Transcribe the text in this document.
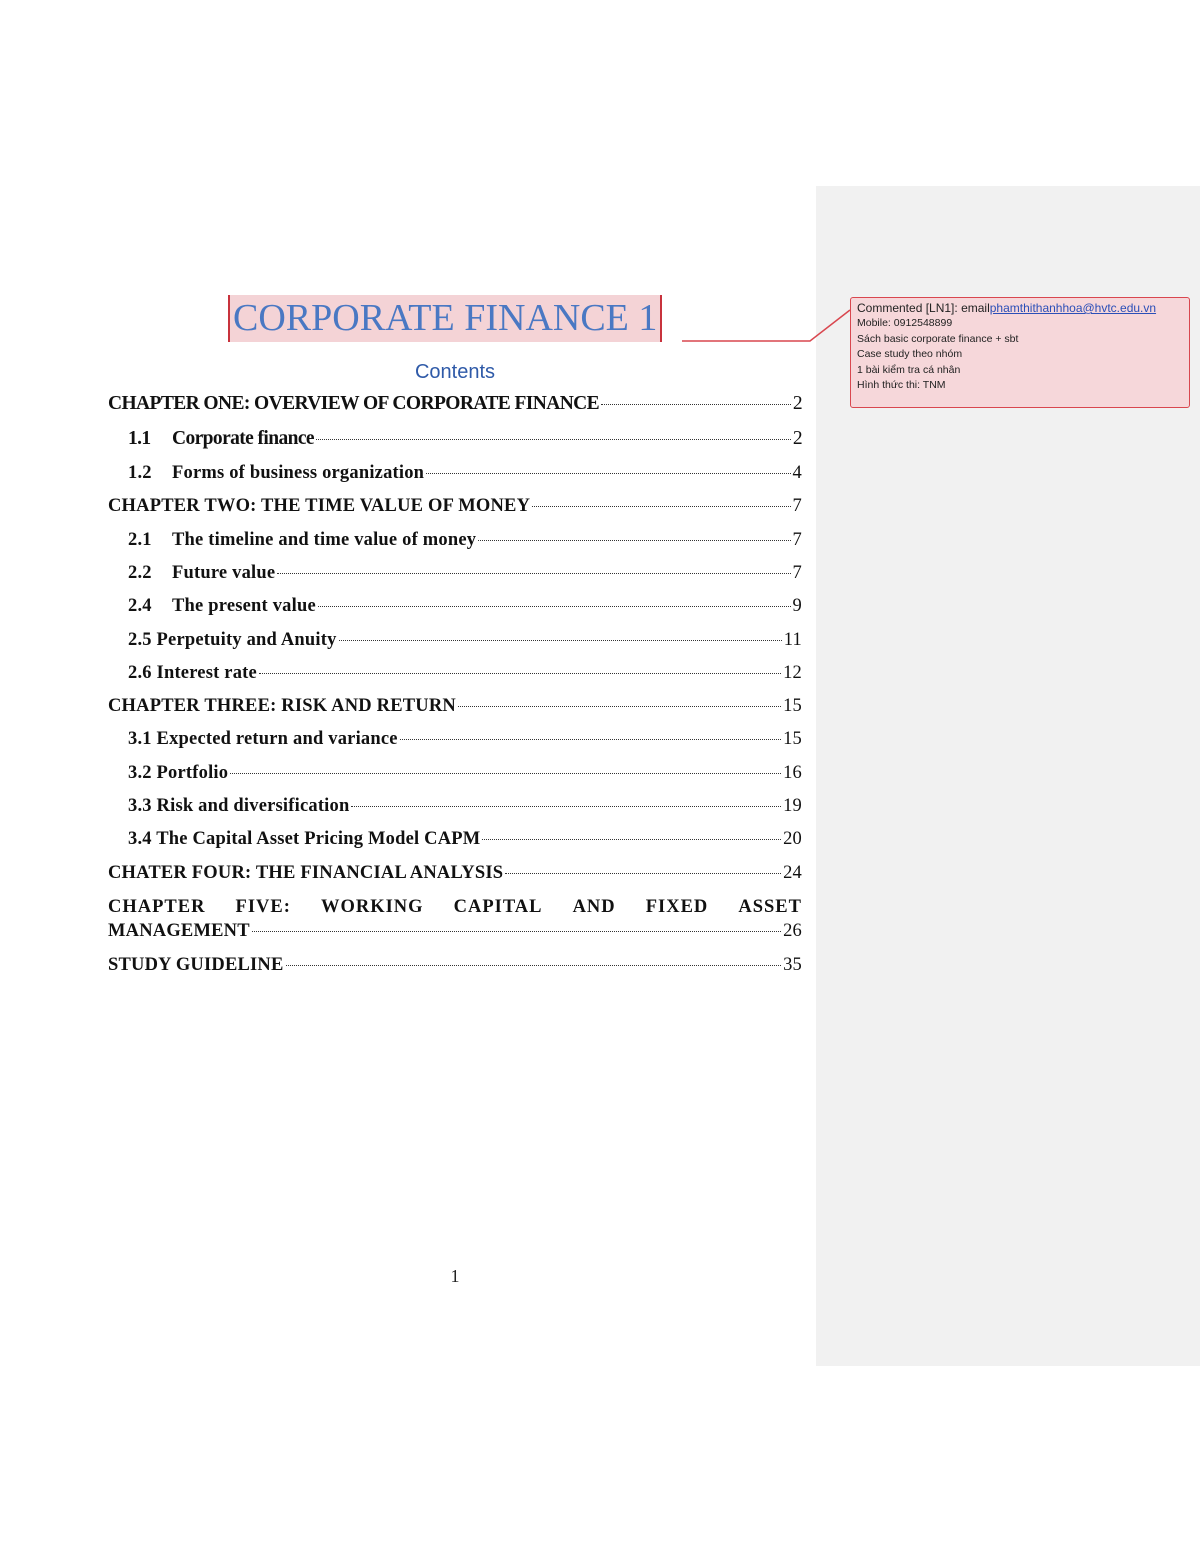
CORPORATE FINANCE 1	Commented [LN1]: emailphamthithanhhoa@hvtc.edu.vn
Mobile: 0912548899
Sách basic corporate finance + sbt
Case study theo nhóm
1 bài kiểm tra cá nhân
Hình thức thi: TNM
Contents
CHAPTER ONE: OVERVIEW OF CORPORATE FINANCE	2
1.1	Corporate finance	2
1.2	Forms of business organization	4
CHAPTER TWO: THE TIME VALUE OF MONEY	7
2.1	The timeline and time value of money	7
2.2	Future value	7
2.4	The present value	9
2.5 Perpetuity and Anuity	11
2.6 Interest rate	12
CHAPTER THREE: RISK AND RETURN	15
3.1 Expected return and variance	15
3.2 Portfolio	16
3.3 Risk and diversification	19
3.4 The Capital Asset Pricing Model CAPM	20
CHATER FOUR: THE FINANCIAL ANALYSIS	24
CHAPTER FIVE: WORKING CAPITAL AND FIXED ASSET
MANAGEMENT	26
STUDY GUIDELINE	35
1
